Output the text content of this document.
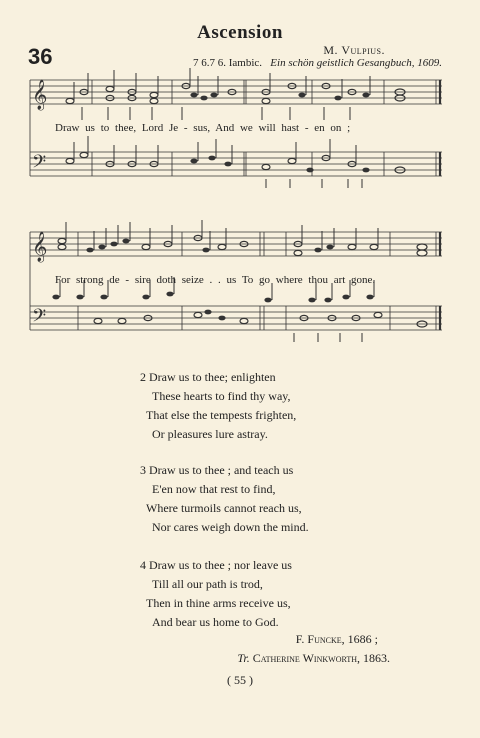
Ascension
36	M. Vulpius.
7 6.7 6. Iambic. Ein schön geistlich Gesangbuch, 1609.
𝄞
𝄢
Draw us to thee, Lord Je - sus, And we will hast - en on ;
𝄞
𝄢
For strong de - sire doth seize . . us To go where thou art gone.
2 Draw us to thee; enlighten
These hearts to find thy way,
That else the tempests frighten,
Or pleasures lure astray.
3 Draw us to thee ; and teach us
E'en now that rest to find,
Where turmoils cannot reach us,
Nor cares weigh down the mind.
4 Draw us to thee ; nor leave us
Till all our path is trod,
Then in thine arms receive us,
And bear us home to God.
F. Funcke, 1686 ;
Tr. Catherine Winkworth, 1863.
( 55 )
